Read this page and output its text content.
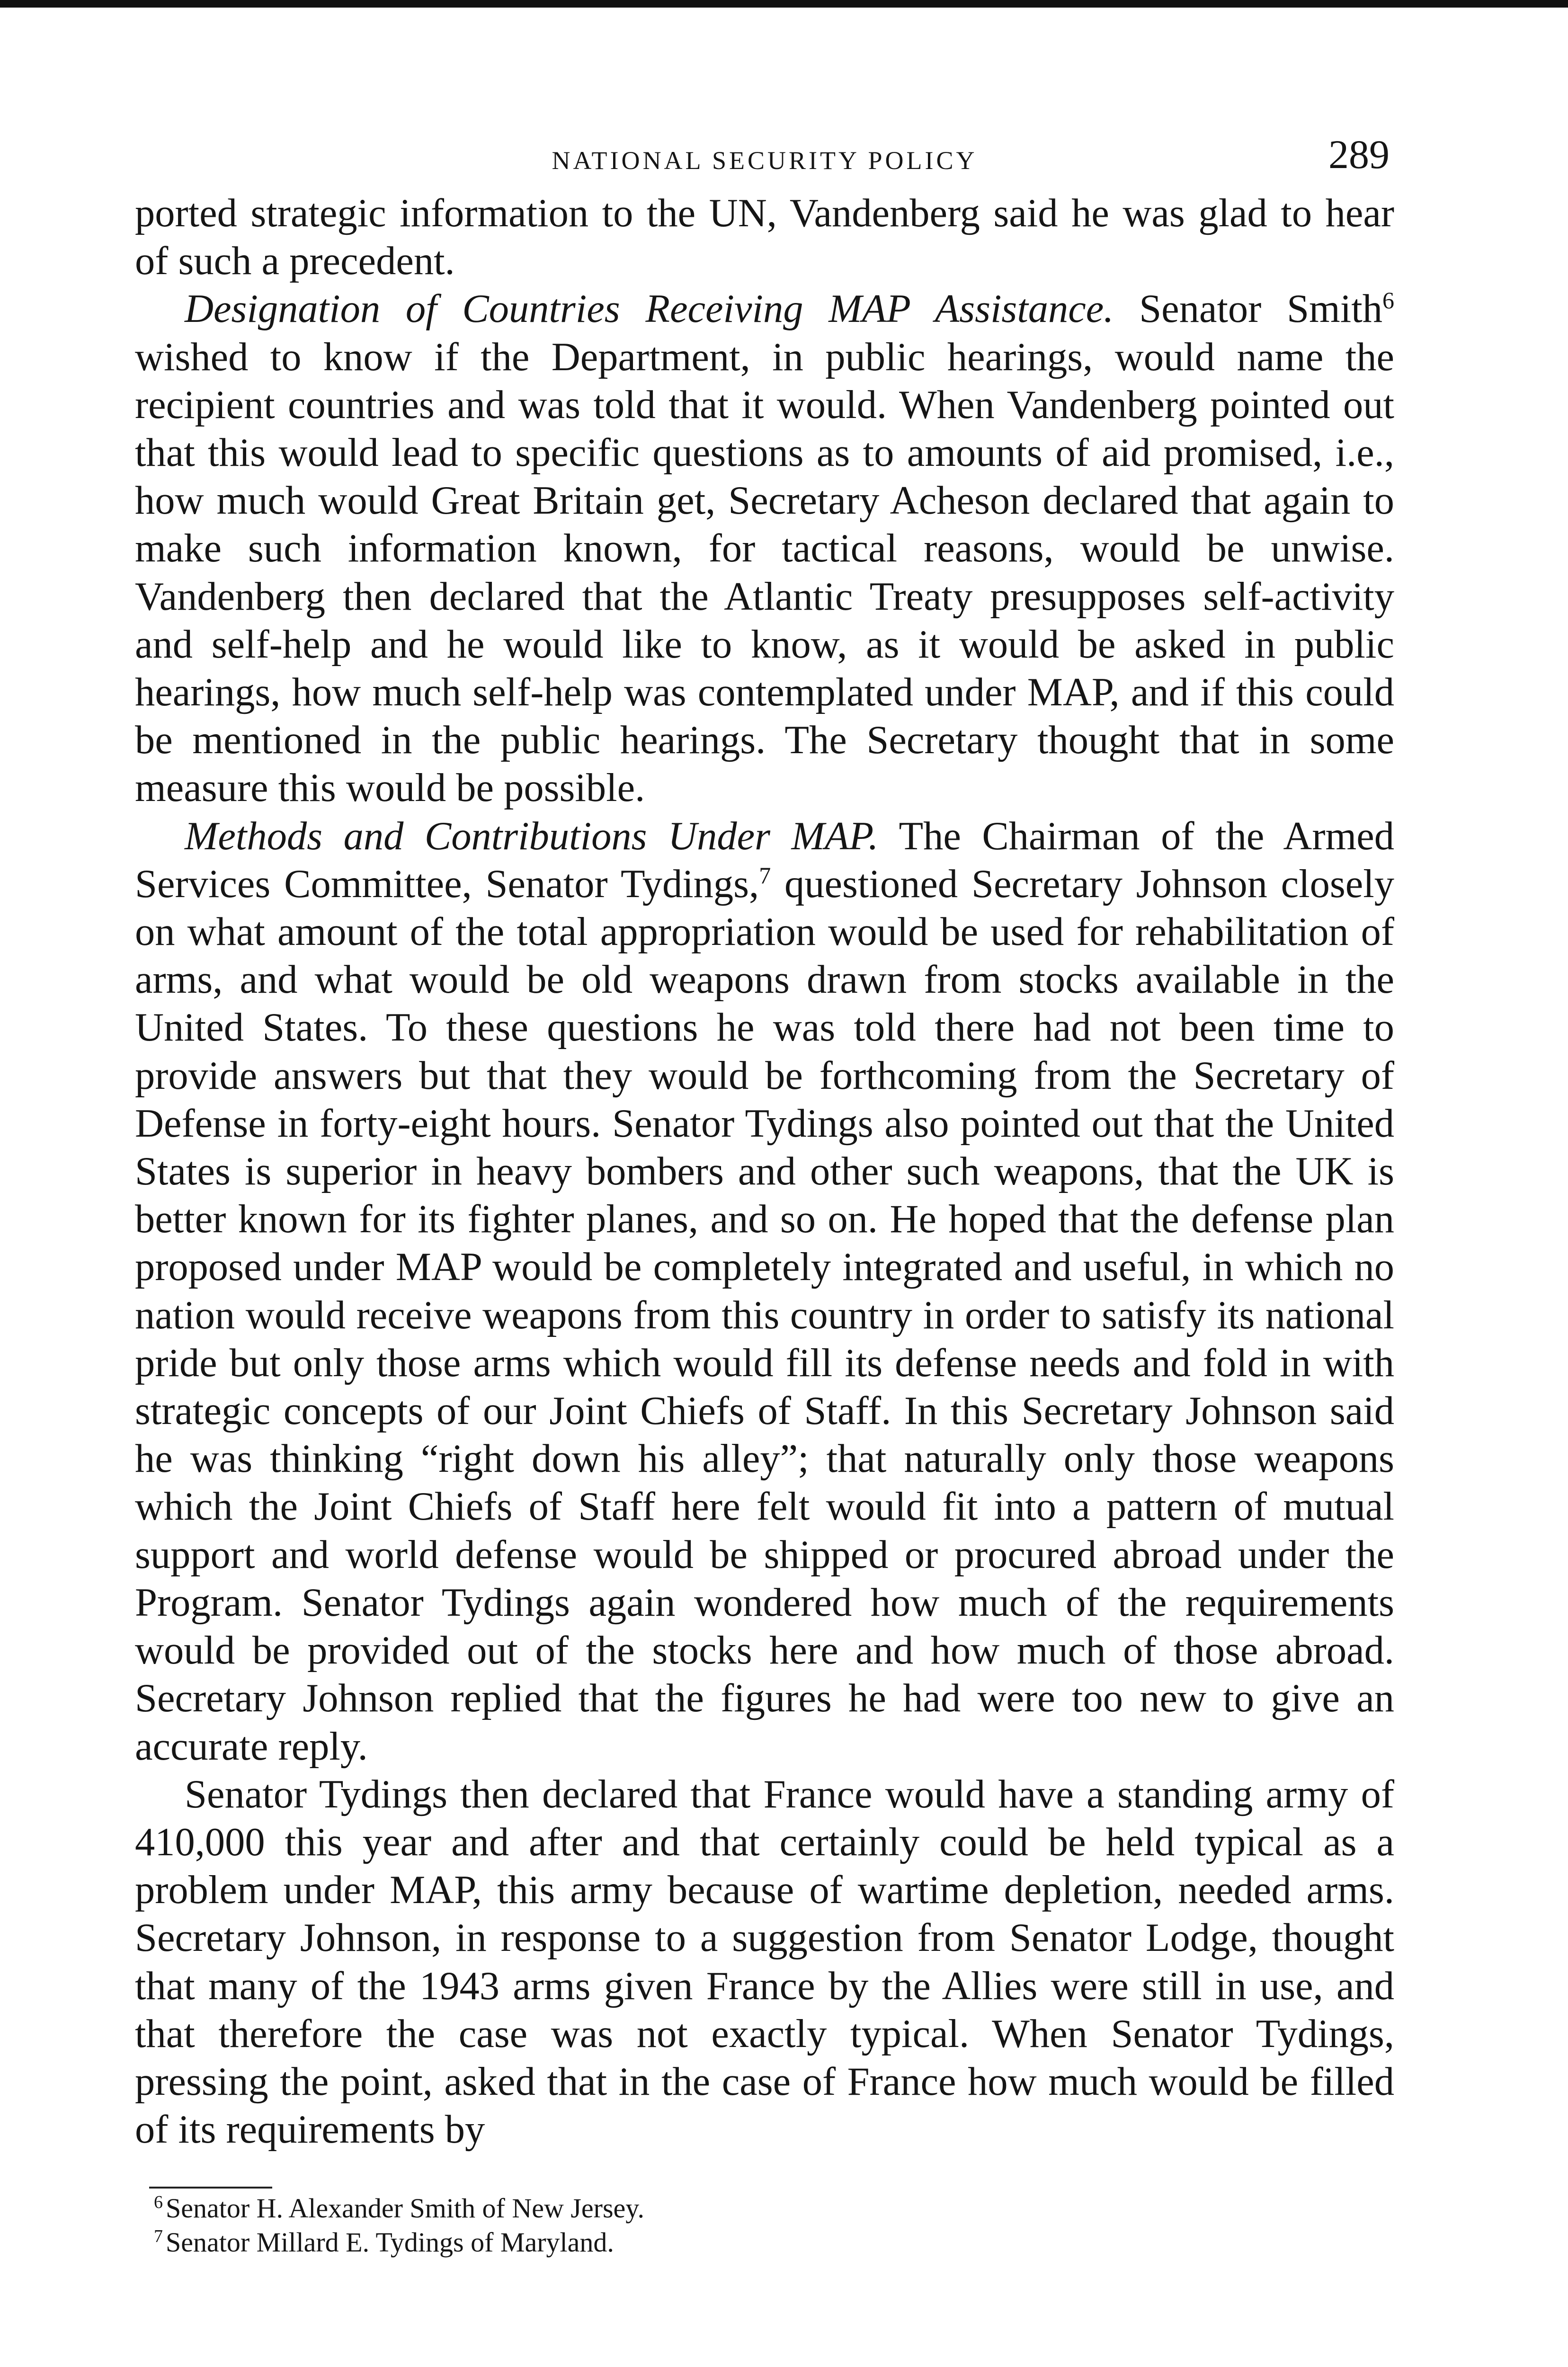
NATIONAL SECURITY POLICY	289

ported strategic information to the UN, Vandenberg said he was glad to hear of such a precedent.

Designation of Countries Receiving MAP Assistance. Senator Smith$^6$ wished to know if the Department, in public hearings, would name the recipient countries and was told that it would. When Vandenberg pointed out that this would lead to specific questions as to amounts of aid promised, i.e., how much would Great Britain get, Secretary Acheson declared that again to make such information known, for tactical reasons, would be unwise. Vandenberg then declared that the Atlantic Treaty presupposes self-activity and self-help and he would like to know, as it would be asked in public hearings, how much self-help was contemplated under MAP, and if this could be mentioned in the public hearings. The Secretary thought that in some measure this would be possible.

Methods and Contributions Under MAP. The Chairman of the Armed Services Committee, Senator Tydings,$^7$ questioned Secretary Johnson closely on what amount of the total appropriation would be used for rehabilitation of arms, and what would be old weapons drawn from stocks available in the United States. To these questions he was told there had not been time to provide answers but that they would be forthcoming from the Secretary of Defense in forty-eight hours. Senator Tydings also pointed out that the United States is superior in heavy bombers and other such weapons, that the UK is better known for its fighter planes, and so on. He hoped that the defense plan proposed under MAP would be completely integrated and useful, in which no nation would receive weapons from this country in order to satisfy its national pride but only those arms which would fill its defense needs and fold in with strategic concepts of our Joint Chiefs of Staff. In this Secretary Johnson said he was thinking “right down his alley”; that naturally only those weapons which the Joint Chiefs of Staff here felt would fit into a pattern of mutual support and world defense would be shipped or procured abroad under the Program. Senator Tydings again wondered how much of the requirements would be provided out of the stocks here and how much of those abroad. Secretary Johnson replied that the figures he had were too new to give an accurate reply.

Senator Tydings then declared that France would have a standing army of 410,000 this year and after and that certainly could be held typical as a problem under MAP, this army because of wartime depletion, needed arms. Secretary Johnson, in response to a suggestion from Senator Lodge, thought that many of the 1943 arms given France by the Allies were still in use, and that therefore the case was not exactly typical. When Senator Tydings, pressing the point, asked that in the case of France how much would be filled of its requirements by

$^6$ Senator H. Alexander Smith of New Jersey.
$^7$ Senator Millard E. Tydings of Maryland.
